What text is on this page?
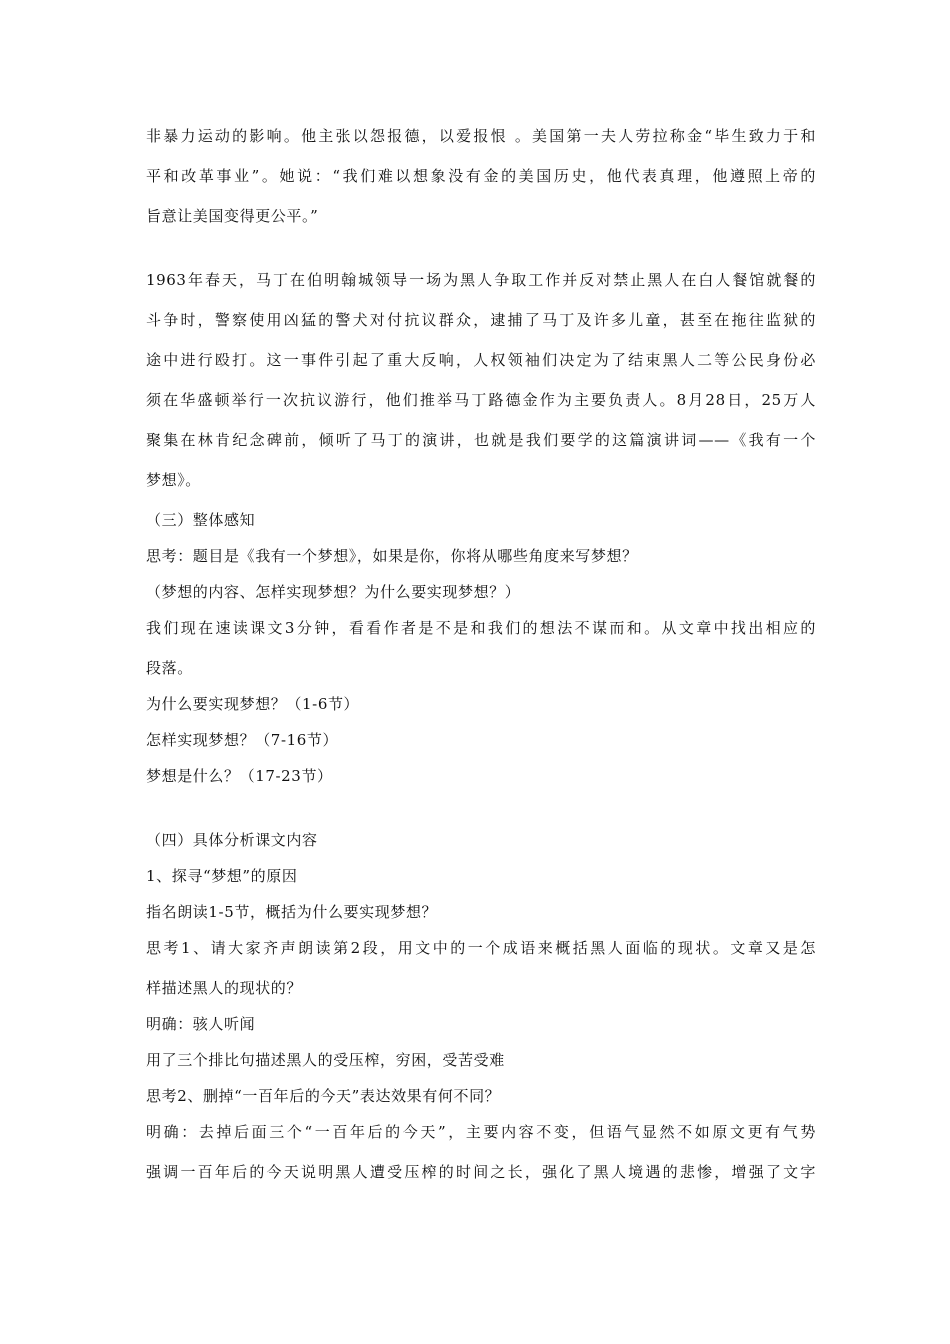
非暴力运动的影响。他主张以怨报德，以爱报恨 。美国第一夫人劳拉称金“毕生致力于和
平和改革事业”。她说：“我们难以想象没有金的美国历史，他代表真理，他遵照上帝的
旨意让美国变得更公平。”
1963年春天，马丁在伯明翰城领导一场为黑人争取工作并反对禁止黑人在白人餐馆就餐的
斗争时，警察使用凶猛的警犬对付抗议群众，逮捕了马丁及许多儿童，甚至在拖往监狱的
途中进行殴打。这一事件引起了重大反响，人权领袖们决定为了结束黑人二等公民身份必
须在华盛顿举行一次抗议游行，他们推举马丁路德金作为主要负责人。8月28日，25万人
聚集在林肯纪念碑前，倾听了马丁的演讲，也就是我们要学的这篇演讲词——《我有一个
梦想》。
（三）整体感知
思考：题目是《我有一个梦想》，如果是你，你将从哪些角度来写梦想？
（梦想的内容、怎样实现梦想？为什么要实现梦想？）
我们现在速读课文3分钟，看看作者是不是和我们的想法不谋而和。从文章中找出相应的
段落。
为什么要实现梦想？（1-6节）
怎样实现梦想？（7-16节）
梦想是什么？（17-23节）
（四）具体分析课文内容
1、探寻“梦想”的原因
指名朗读1-5节，概括为什么要实现梦想？
思考1、请大家齐声朗读第2段，用文中的一个成语来概括黑人面临的现状。文章又是怎
样描述黑人的现状的？
明确：骇人听闻
用了三个排比句描述黑人的受压榨，穷困，受苦受难
思考2、删掉“一百年后的今天”表达效果有何不同？
明确：去掉后面三个“一百年后的今天”，主要内容不变，但语气显然不如原文更有气势
强调一百年后的今天说明黑人遭受压榨的时间之长，强化了黑人境遇的悲惨，增强了文字
